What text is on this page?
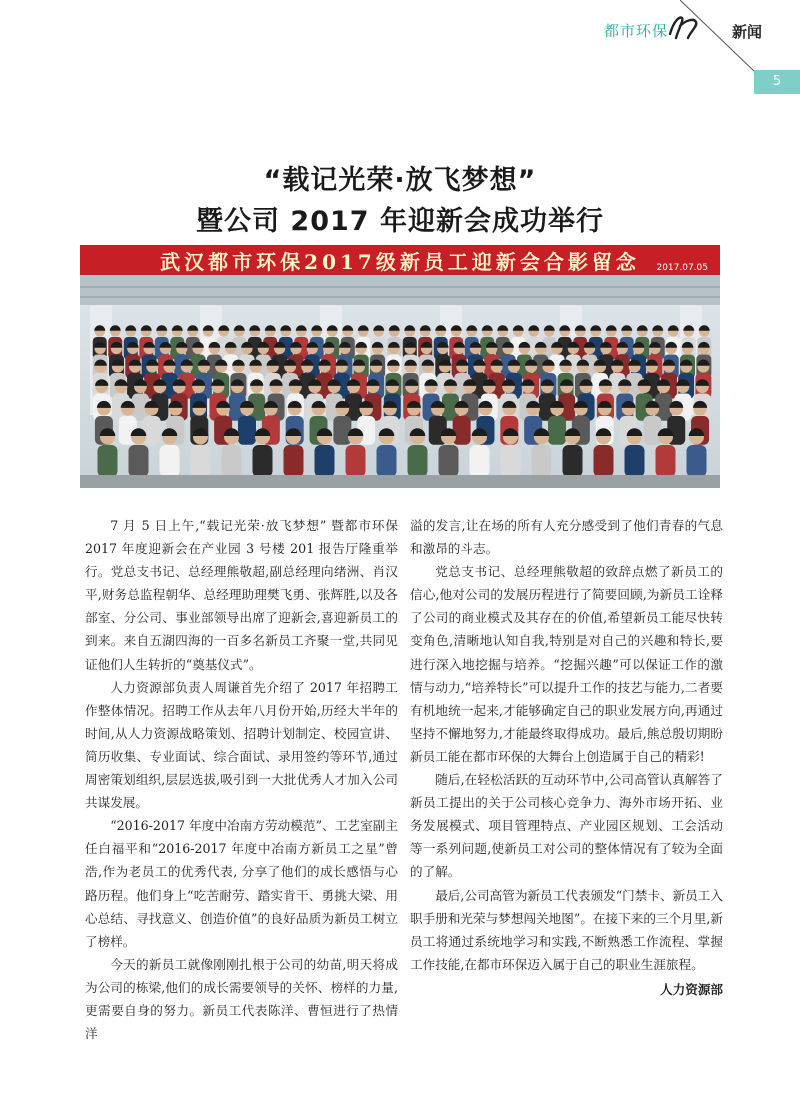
都市环保	新闻
5
“载记光荣·放飞梦想”
暨公司 2017 年迎新会成功举行
武汉都市环保2017级新员工迎新会合影留念	2017.07.05

7 月 5 日上午,“载记光荣·放飞梦想” 暨都市环保 2017 年度迎新会在产业园 3 号楼 201 报告厅隆重举行。党总支书记、总经理熊敬超,副总经理向绪洲、肖汉平,财务总监程朝华、总经理助理樊飞勇、张辉胜,以及各部室、分公司、事业部领导出席了迎新会,喜迎新员工的到来。来自五湖四海的一百多名新员工齐聚一堂,共同见证他们人生转折的“奠基仪式”。

人力资源部负责人周谦首先介绍了 2017 年招聘工作整体情况。招聘工作从去年八月份开始,历经大半年的时间,从人力资源战略策划、招聘计划制定、校园宣讲、简历收集、专业面试、综合面试、录用签约等环节,通过周密策划组织,层层选拔,吸引到一大批优秀人才加入公司共谋发展。

“2016-2017 年度中冶南方劳动模范”、工艺室副主任白福平和“2016-2017 年度中冶南方新员工之星”曾浩,作为老员工的优秀代表, 分享了他们的成长感悟与心路历程。他们身上“吃苦耐劳、踏实肯干、勇挑大梁、用心总结、寻找意义、创造价值”的良好品质为新员工树立了榜样。

今天的新员工就像刚刚扎根于公司的幼苗,明天将成为公司的栋梁,他们的成长需要领导的关怀、榜样的力量,更需要自身的努力。新员工代表陈洋、曹恒进行了热情洋

溢的发言,让在场的所有人充分感受到了他们青春的气息和激昂的斗志。

党总支书记、总经理熊敬超的致辞点燃了新员工的信心,他对公司的发展历程进行了简要回顾,为新员工诠释了公司的商业模式及其存在的价值,希望新员工能尽快转变角色,清晰地认知自我,特别是对自己的兴趣和特长,要进行深入地挖掘与培养。“挖掘兴趣”可以保证工作的激情与动力,“培养特长”可以提升工作的技艺与能力,二者要有机地统一起来,才能够确定自己的职业发展方向,再通过坚持不懈地努力,才能最终取得成功。最后,熊总殷切期盼新员工能在都市环保的大舞台上创造属于自己的精彩!

随后,在轻松活跃的互动环节中,公司高管认真解答了新员工提出的关于公司核心竞争力、海外市场开拓、业务发展模式、项目管理特点、产业园区规划、工会活动等一系列问题,使新员工对公司的整体情况有了较为全面的了解。

最后,公司高管为新员工代表颁发“门禁卡、新员工入职手册和光荣与梦想闯关地图”。在接下来的三个月里,新员工将通过系统地学习和实践,不断熟悉工作流程、掌握工作技能,在都市环保迈入属于自己的职业生涯旅程。

人力资源部
